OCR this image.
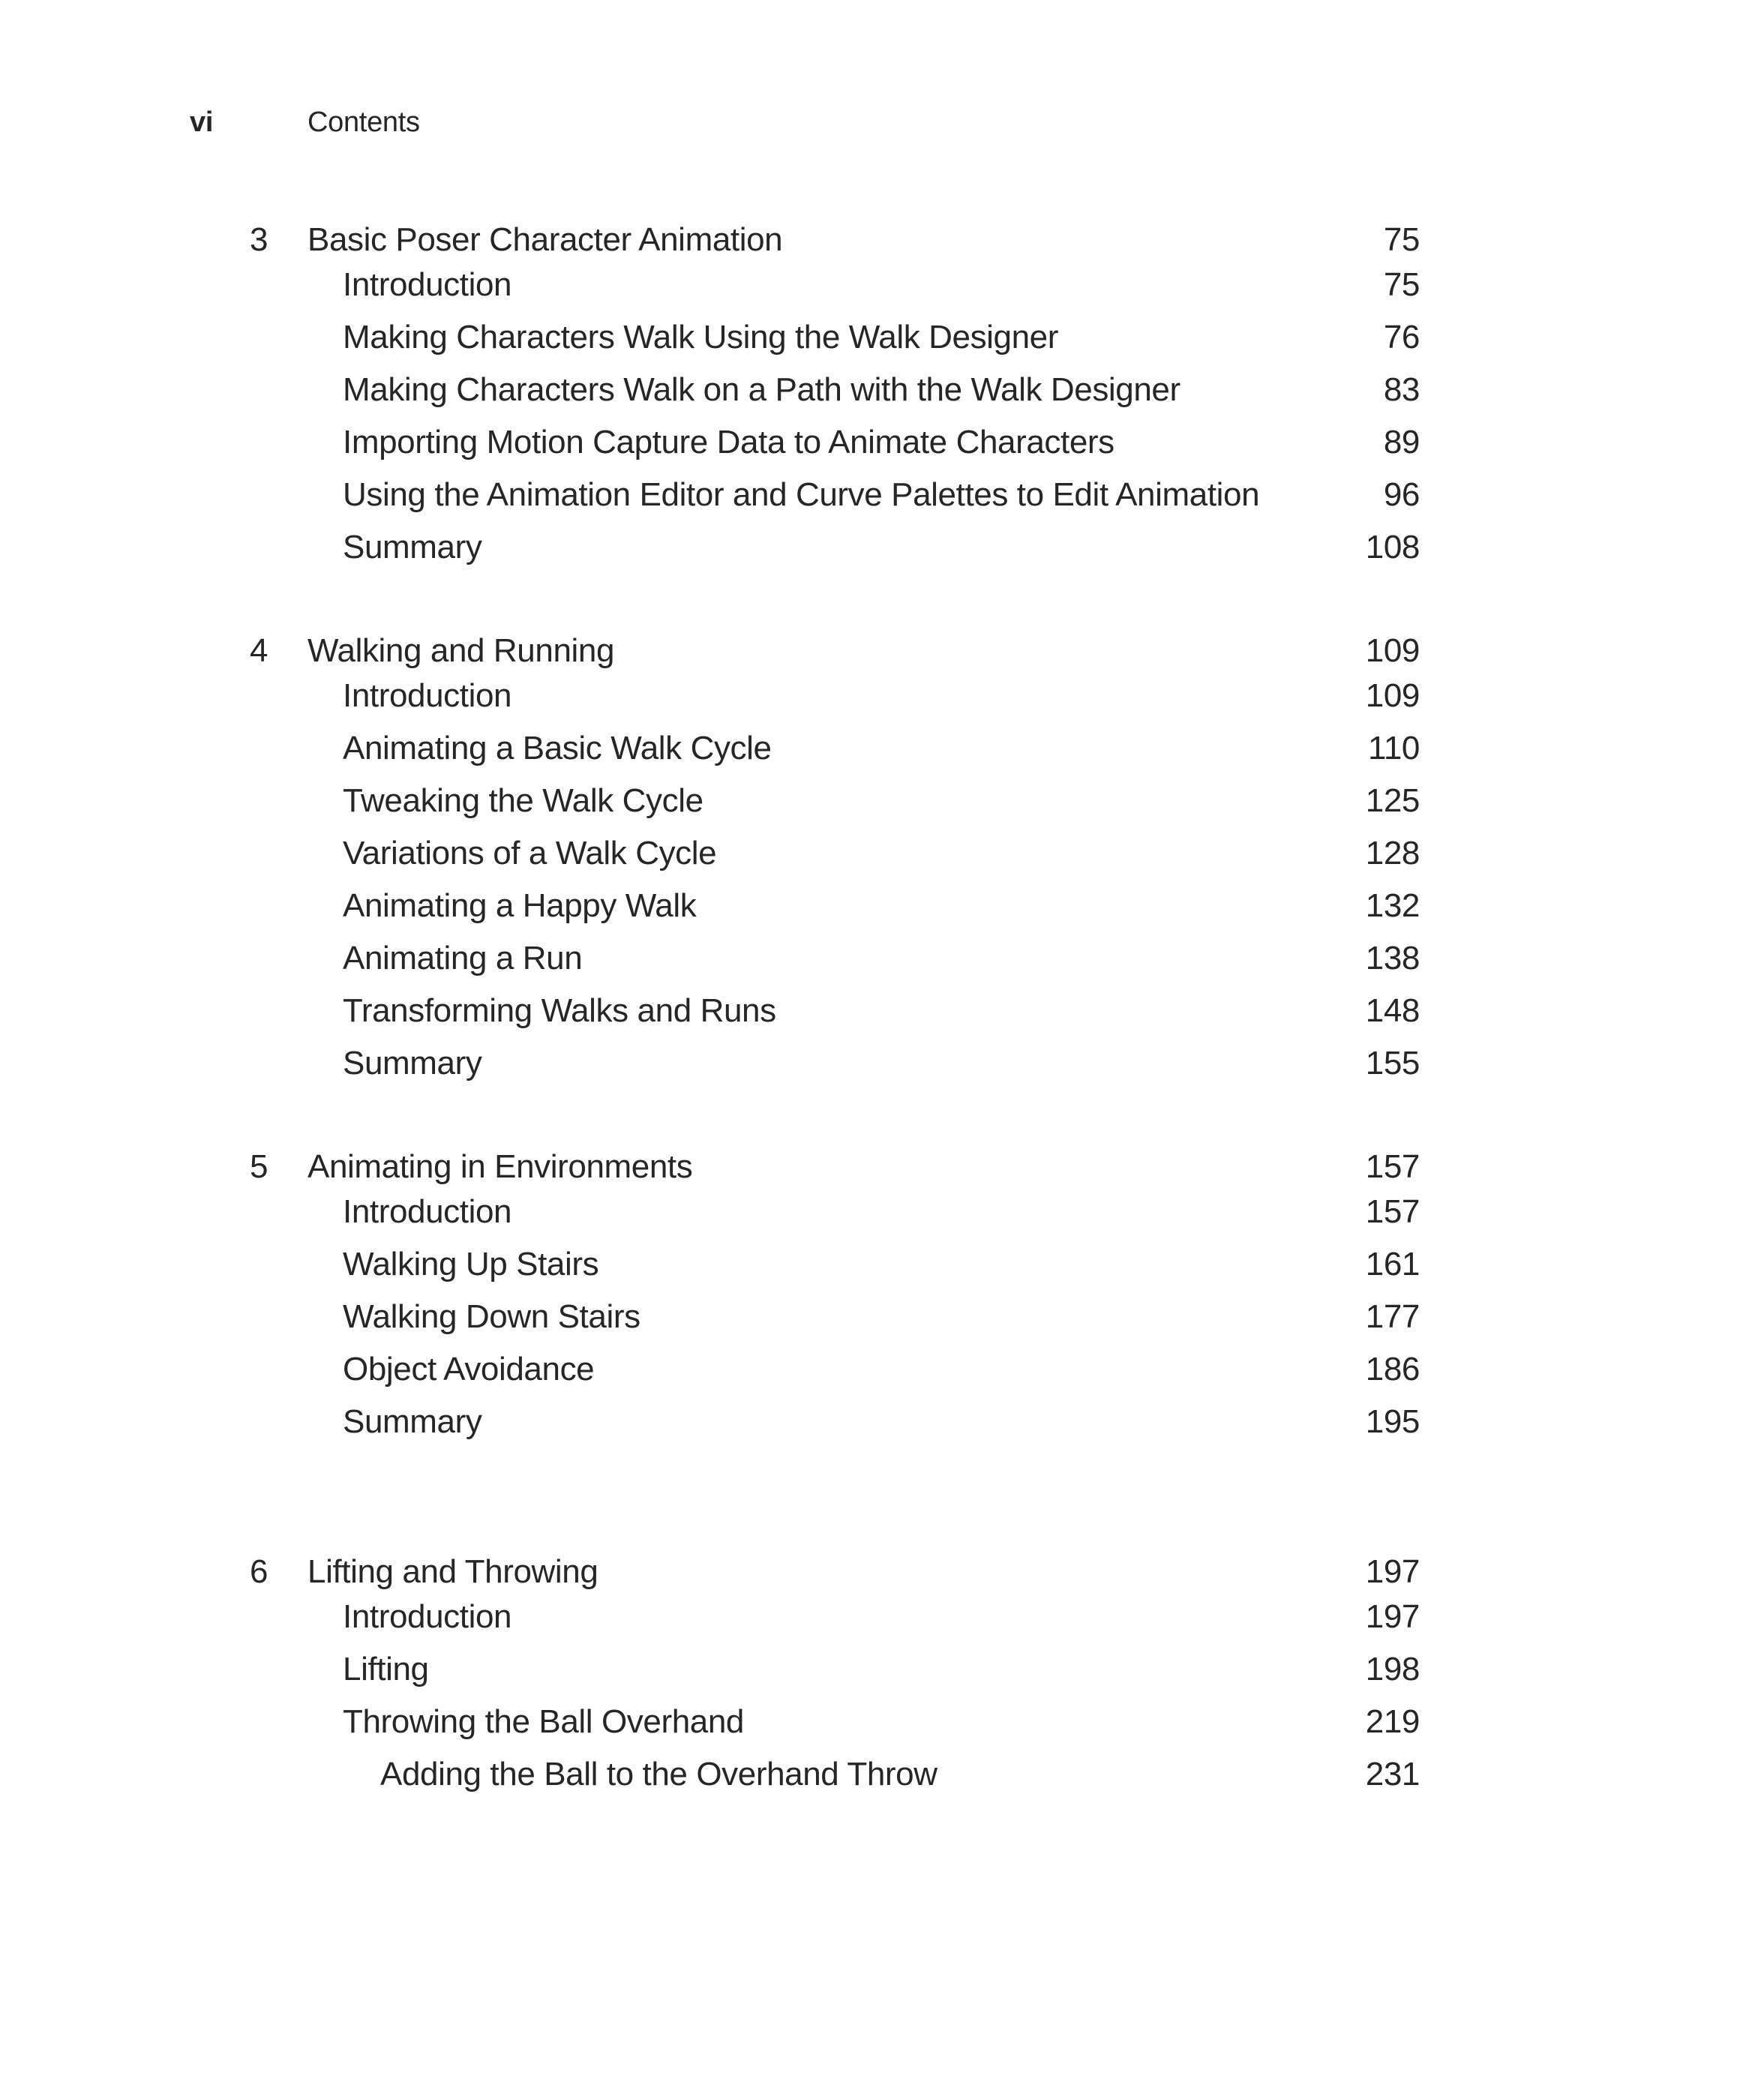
vi	Contents
3	Basic Poser Character Animation	75
Introduction	75
Making Characters Walk Using the Walk Designer	76
Making Characters Walk on a Path with the Walk Designer	83
Importing Motion Capture Data to Animate Characters	89
Using the Animation Editor and Curve Palettes to Edit Animation	96
Summary	108
4	Walking and Running	109
Introduction	109
Animating a Basic Walk Cycle	110
Tweaking the Walk Cycle	125
Variations of a Walk Cycle	128
Animating a Happy Walk	132
Animating a Run	138
Transforming Walks and Runs	148
Summary	155
5	Animating in Environments	157
Introduction	157
Walking Up Stairs	161
Walking Down Stairs	177
Object Avoidance	186
Summary	195
6	Lifting and Throwing	197
Introduction	197
Lifting	198
Throwing the Ball Overhand	219
Adding the Ball to the Overhand Throw	231
